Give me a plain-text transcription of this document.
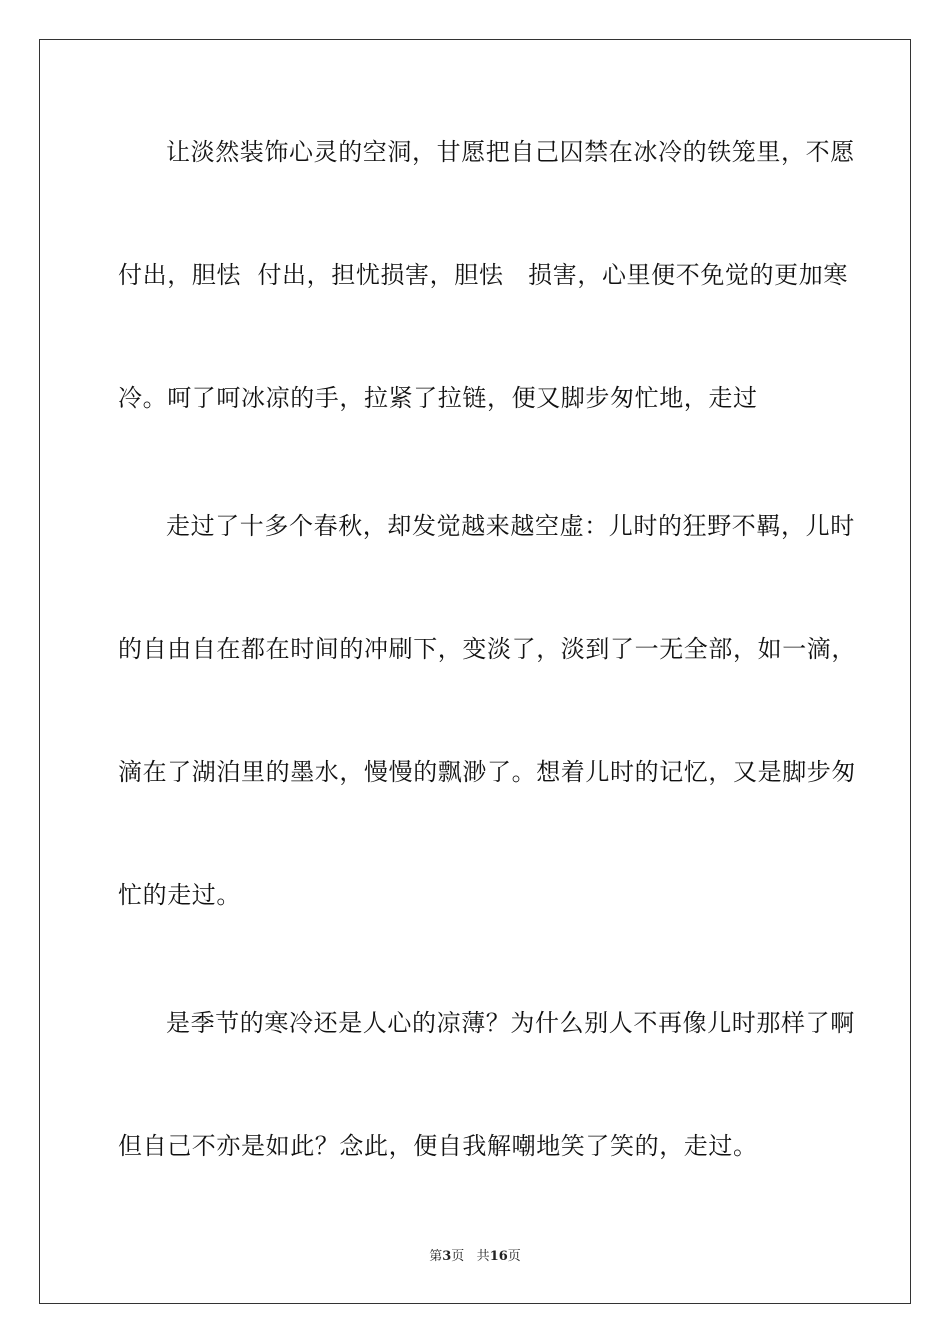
让淡然装饰心灵的空洞，甘愿把自己囚禁在冰冷的铁笼里，不愿
付出，胆怯  付出，担忧损害，胆怯   损害，心里便不免觉的更加寒
冷。呵了呵冰凉的手，拉紧了拉链，便又脚步匆忙地，走过
走过了十多个春秋，却发觉越来越空虚：儿时的狂野不羁，儿时
的自由自在都在时间的冲刷下，变淡了，淡到了一无全部，如一滴，
滴在了湖泊里的墨水，慢慢的飘渺了。想着儿时的记忆，又是脚步匆
忙的走过。
是季节的寒冷还是人心的凉薄？为什么别人不再像儿时那样了啊
但自己不亦是如此？念此，便自我解嘲地笑了笑的，走过。
第3页 共16页
